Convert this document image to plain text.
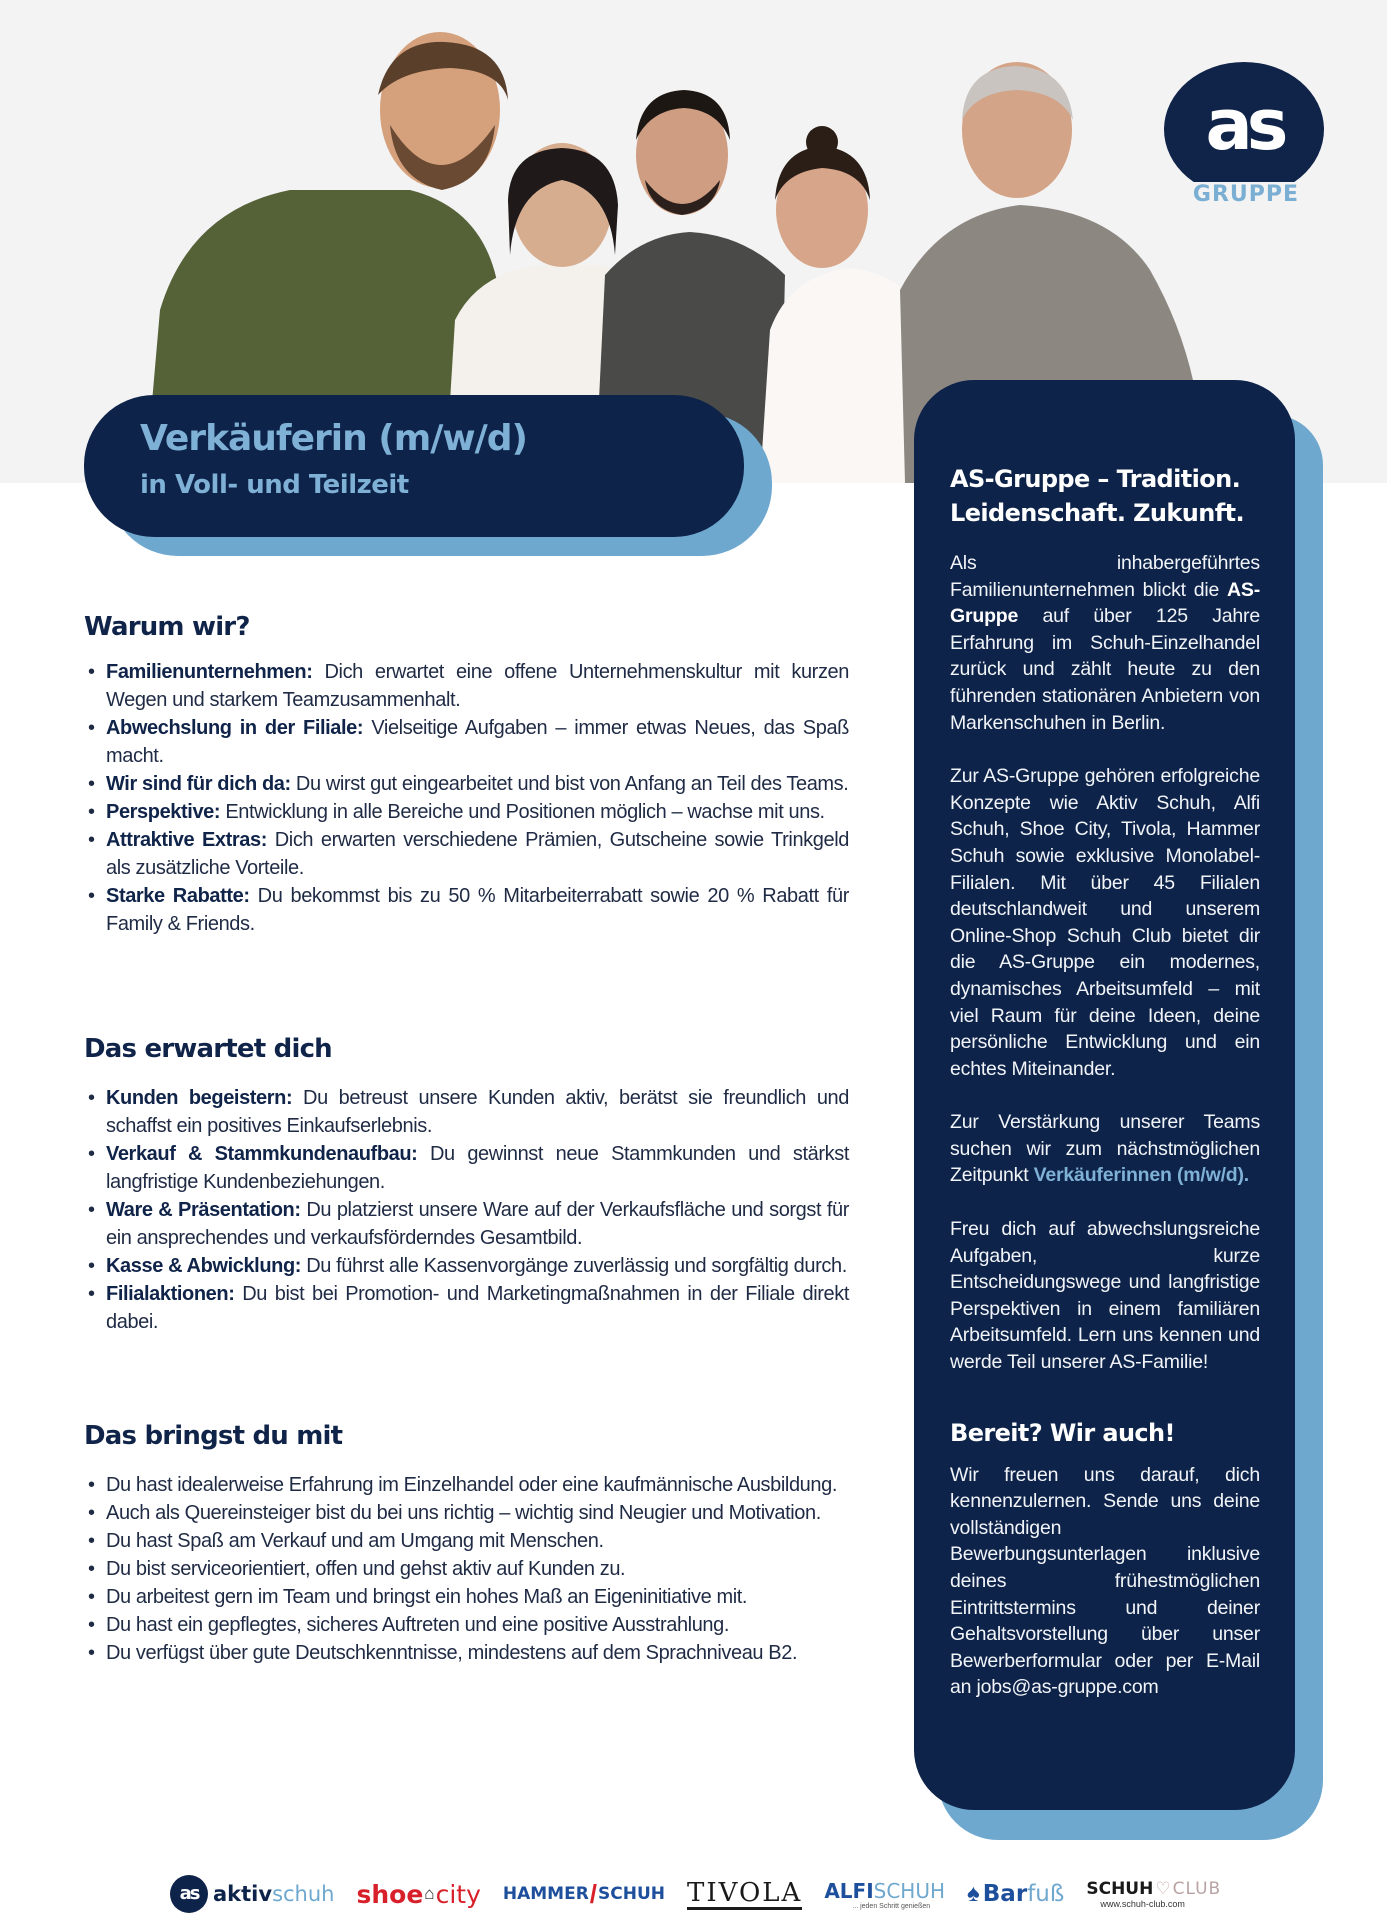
as
GRUPPE
Verkäuferin (m/w/d)
in Voll- und Teilzeit
Warum wir?
• Familienunternehmen: Dich erwartet eine offene Unternehmenskultur mit kurzen Wegen und starkem Teamzusammenhalt.
• Abwechslung in der Filiale: Vielseitige Aufgaben – immer etwas Neues, das Spaß macht.
• Wir sind für dich da: Du wirst gut eingearbeitet und bist von Anfang an Teil des Teams.
• Perspektive: Entwicklung in alle Bereiche und Positionen möglich – wachse mit uns.
• Attraktive Extras: Dich erwarten verschiedene Prämien, Gutscheine sowie Trinkgeld als zusätzliche Vorteile.
• Starke Rabatte: Du bekommst bis zu 50 % Mitarbeiterrabatt sowie 20 % Rabatt für Family & Friends.
Das erwartet dich
• Kunden begeistern: Du betreust unsere Kunden aktiv, berätst sie freundlich und schaffst ein positives Einkaufserlebnis.
• Verkauf & Stammkundenaufbau: Du gewinnst neue Stammkunden und stärkst langfristige Kundenbeziehungen.
• Ware & Präsentation: Du platzierst unsere Ware auf der Verkaufsfläche und sorgst für ein ansprechendes und verkaufsförderndes Gesamtbild.
• Kasse & Abwicklung: Du führst alle Kassenvorgänge zuverlässig und sorgfältig durch.
• Filialaktionen: Du bist bei Promotion- und Marketingmaßnahmen in der Filiale direkt dabei.
Das bringst du mit
• Du hast idealerweise Erfahrung im Einzelhandel oder eine kaufmännische Ausbildung.
• Auch als Quereinsteiger bist du bei uns richtig – wichtig sind Neugier und Motivation.
• Du hast Spaß am Verkauf und am Umgang mit Menschen.
• Du bist serviceorientiert, offen und gehst aktiv auf Kunden zu.
• Du arbeitest gern im Team und bringst ein hohes Maß an Eigeninitiative mit.
• Du hast ein gepflegtes, sicheres Auftreten und eine positive Ausstrahlung.
• Du verfügst über gute Deutschkenntnisse, mindestens auf dem Sprachniveau B2.

AS-Gruppe – Tradition.
Leidenschaft. Zukunft.

Als inhabergeführtes Familienunternehmen blickt die AS-Gruppe auf über 125 Jahre Erfahrung im Schuh-Einzelhandel zurück und zählt heute zu den führenden stationären Anbietern von Markenschuhen in Berlin.

Zur AS-Gruppe gehören erfolgreiche Konzepte wie Aktiv Schuh, Alfi Schuh, Shoe City, Tivola, Hammer Schuh sowie exklusive Monolabel-Filialen. Mit über 45 Filialen deutschlandweit und unserem Online-Shop Schuh Club bietet dir die AS-Gruppe ein modernes, dynamisches Arbeitsumfeld – mit viel Raum für deine Ideen, deine persönliche Entwicklung und ein echtes Miteinander.

Zur Verstärkung unserer Teams suchen wir zum nächstmöglichen Zeitpunkt Verkäuferinnen (m/w/d).

Freu dich auf abwechslungsreiche Aufgaben, kurze Entscheidungswege und langfristige Perspektiven in einem familiären Arbeitsumfeld. Lern uns kennen und werde Teil unserer AS-Familie!

Bereit? Wir auch!

Wir freuen uns darauf, dich kennenzulernen. Sende uns deine vollständigen Bewerbungsunterlagen inklusive deines frühestmöglichen Eintrittstermins und deiner Gehaltsvorstellung über unser Bewerberformular oder per E-Mail an jobs@as-gruppe.com

as aktiv schuh shoe ⌂ city HAMMER / SCHUH TIVOLA ALFISCHUH
... jeden Schritt genießen ♠ Bar fuß SCHUH ♡ CLUB
www.schuh-club.com
